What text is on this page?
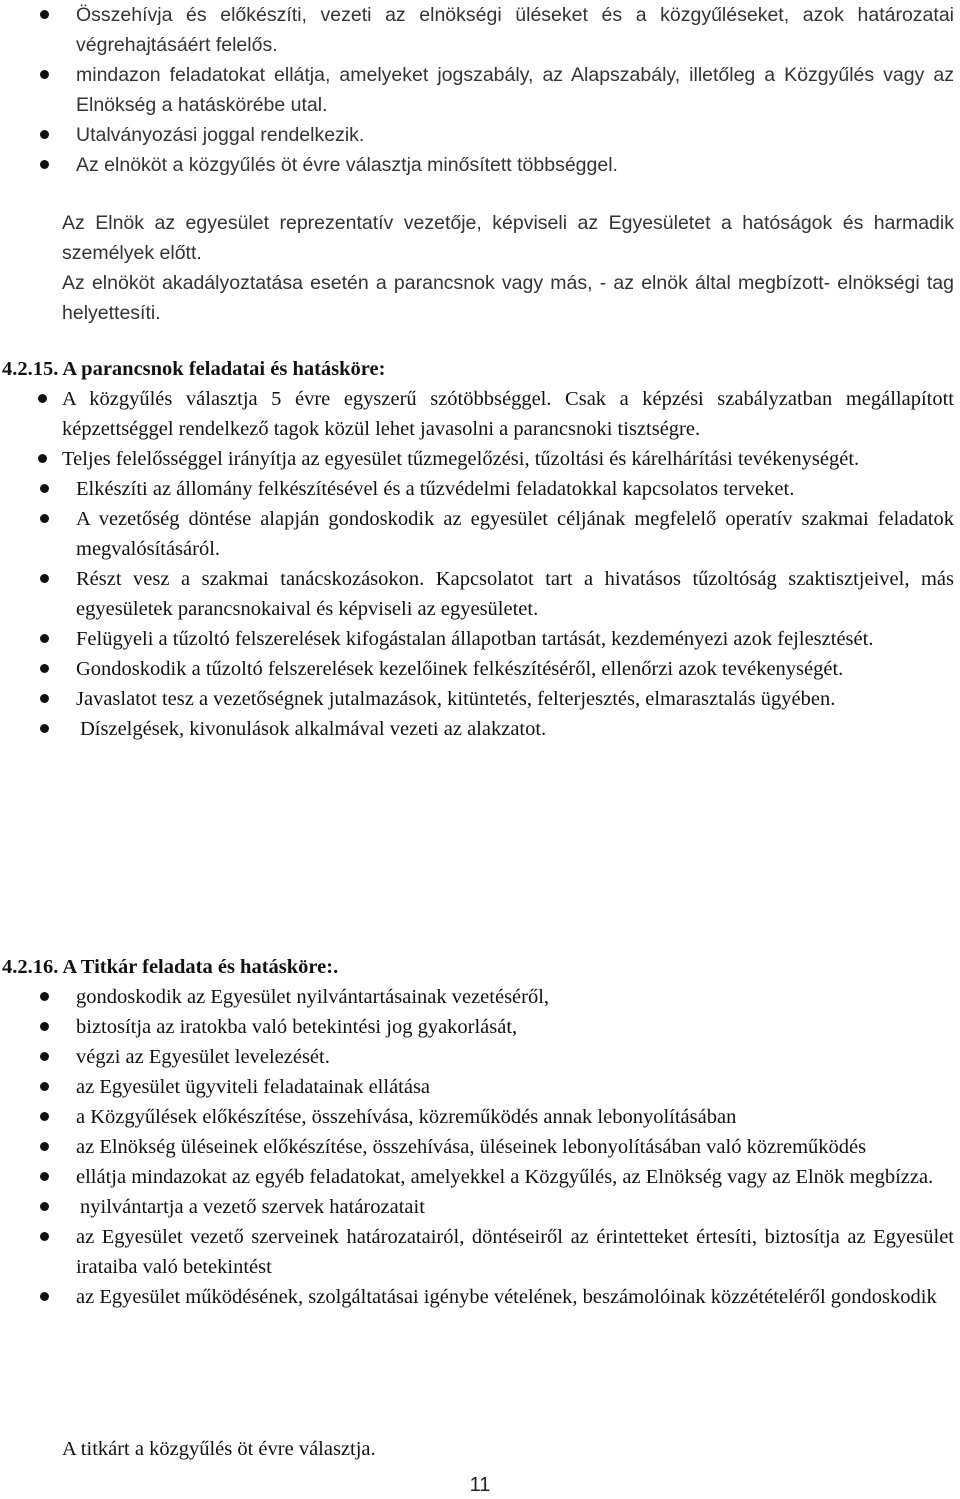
Összehívja és előkészíti, vezeti az elnökségi üléseket és a közgyűléseket, azok határozatai végrehajtásáért felelős.
mindazon feladatokat ellátja, amelyeket jogszabály, az Alapszabály, illetőleg a Közgyűlés vagy az Elnökség a hatáskörébe utal.
Utalványozási joggal rendelkezik.
Az elnököt a közgyűlés öt évre választja minősített többséggel.

Az Elnök az egyesület reprezentatív vezetője, képviseli az Egyesületet a hatóságok és harmadik személyek előtt.

Az elnököt akadályoztatása esetén a parancsnok vagy más, - az elnök által megbízott- elnökségi tag helyettesíti.

4.2.15. A parancsnok feladatai és hatásköre:

A közgyűlés választja 5 évre egyszerű szótöbbséggel. Csak a képzési szabályzatban megállapított képzettséggel rendelkező tagok közül lehet javasolni a parancsnoki tisztségre.
Teljes felelősséggel irányítja az egyesület tűzmegelőzési, tűzoltási és kárelhárítási tevékenységét.
Elkészíti az állomány felkészítésével és a tűzvédelmi feladatokkal kapcsolatos terveket.
A vezetőség döntése alapján gondoskodik az egyesület céljának megfelelő operatív szakmai feladatok megvalósításáról.
Részt vesz a szakmai tanácskozásokon. Kapcsolatot tart a hivatásos tűzoltóság szaktisztjeivel, más egyesületek parancsnokaival és képviseli az egyesületet.
Felügyeli a tűzoltó felszerelések kifogástalan állapotban tartását, kezdeményezi azok fejlesztését.
Gondoskodik a tűzoltó felszerelések kezelőinek felkészítéséről, ellenőrzi azok tevékenységét.
Javaslatot tesz a vezetőségnek jutalmazások, kitüntetés, felterjesztés, elmarasztalás ügyében.
Díszelgések, kivonulások alkalmával vezeti az alakzatot.

4.2.16. A Titkár feladata és hatásköre:.

gondoskodik az Egyesület nyilvántartásainak vezetéséről,
biztosítja az iratokba való betekintési jog gyakorlását,
végzi az Egyesület levelezését.
az Egyesület ügyviteli feladatainak ellátása
a Közgyűlések előkészítése, összehívása, közreműködés annak lebonyolításában
az Elnökség üléseinek előkészítése, összehívása, üléseinek lebonyolításában való közreműködés
ellátja mindazokat az egyéb feladatokat, amelyekkel a Közgyűlés, az Elnökség vagy az Elnök megbízza.
nyilvántartja a vezető szervek határozatait
az Egyesület vezető szerveinek határozatairól, döntéseiről az érintetteket értesíti, biztosítja az Egyesület irataiba való betekintést
az Egyesület működésének, szolgáltatásai igénybe vételének, beszámolóinak közzétételéről gondoskodik

A titkárt a közgyűlés öt évre választja.

11
